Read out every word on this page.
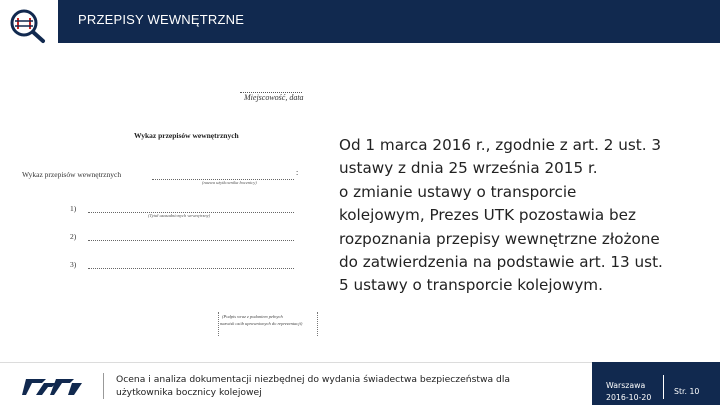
PRZEPISY WEWNĘTRZNE
Miejscowość, data
Wykaz przepisów wewnętrznych
Wykaz przepisów wewnętrznych	:
(nazwa użytkownika bocznicy)
1)
(Tytuł uzasadnionych wewnętrzny)
2)
3)
(Podpis wraz z podaniem pełnych
nazwisk osób uprawnionych do reprezentacji)
Od 1 marca 2016 r., zgodnie z art. 2 ust. 3
ustawy z dnia 25 września 2015 r.
o zmianie ustawy o transporcie
kolejowym, Prezes UTK pozostawia bez
rozpoznania przepisy wewnętrzne złożone
do zatwierdzenia na podstawie art. 13 ust.
5 ustawy o transporcie kolejowym.
Ocena i analiza dokumentacji niezbędnej do wydania świadectwa bezpieczeństwa dla
użytkownika bocznicy kolejowej
Warszawa
2016-10-20
Str. 10
